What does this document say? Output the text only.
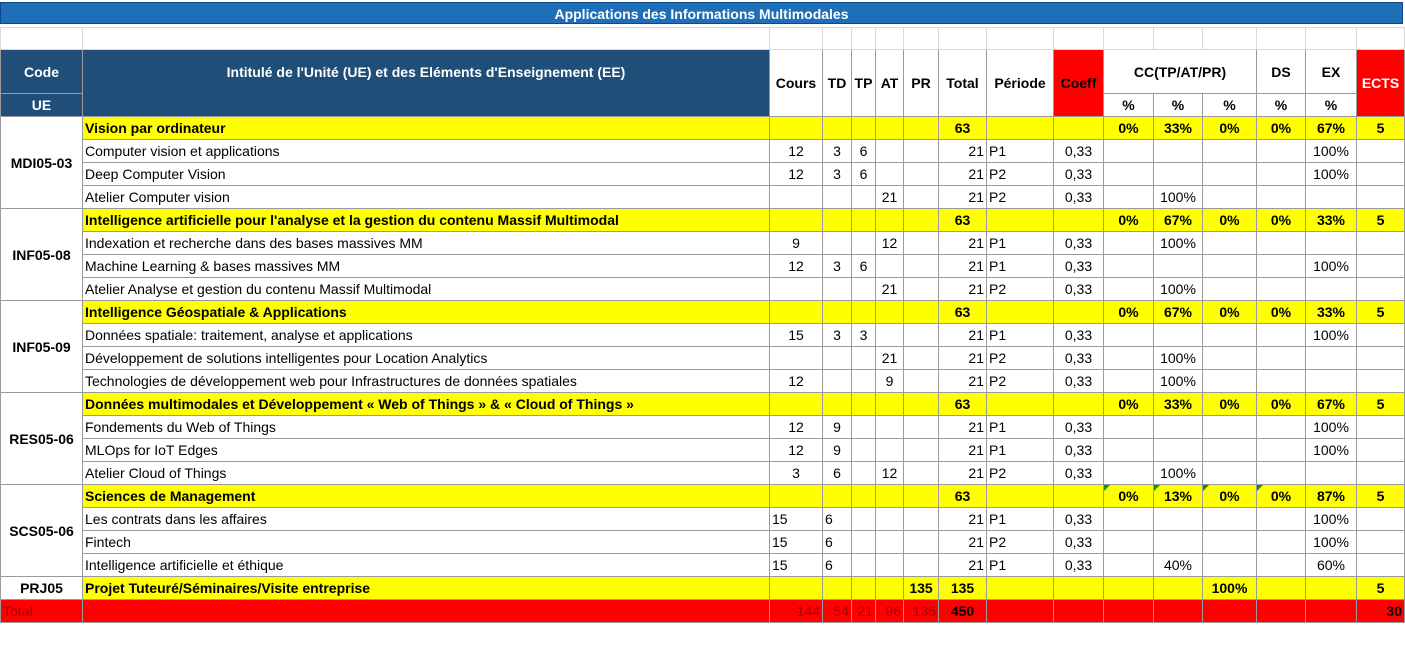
Applications des Informations Multimodales

Code	Intitulé de l'Unité (UE) et des Eléments d'Enseignement (EE)	Cours	TD	TP	AT	PR	Total	Période	Coeff	CC(TP/AT/PR)			DS	EX	ECTS
UE										%	%	%	%	%	
MDI05-03	Vision par ordinateur						63			0%	33%	0%	0%	67%	5
	Computer vision et applications	12	3	6			21	P1	0,33					100%	
	Deep Computer Vision	12	3	6			21	P2	0,33					100%	
	Atelier Computer vision				21		21	P2	0,33		100%				
INF05-08	Intelligence artificielle pour l'analyse et la gestion du contenu Massif Multimodal						63			0%	67%	0%	0%	33%	5
	Indexation et recherche dans des bases massives MM	9			12		21	P1	0,33		100%				
	Machine Learning & bases massives MM	12	3	6			21	P1	0,33					100%	
	Atelier Analyse et gestion du contenu Massif Multimodal				21		21	P2	0,33		100%				
INF05-09	Intelligence Géospatiale & Applications						63			0%	67%	0%	0%	33%	5
	Données spatiale: traitement, analyse et applications	15	3	3			21	P1	0,33					100%	
	Développement de solutions intelligentes pour Location Analytics				21		21	P2	0,33		100%				
	Technologies de développement web pour Infrastructures de données spatiales	12			9		21	P2	0,33		100%				
RES05-06	Données multimodales et Développement « Web of Things » & « Cloud of Things »						63			0%	33%	0%	0%	67%	5
	Fondements du Web of Things	12	9				21	P1	0,33					100%	
	MLOps for IoT Edges	12	9				21	P1	0,33					100%	
	Atelier Cloud of Things	3	6		12		21	P2	0,33		100%				
SCS05-06	Sciences de Management						63			0%	13%	0%	0%	87%	5
	Les contrats dans les affaires	15	6				21	P1	0,33					100%	
	Fintech	15	6				21	P2	0,33					100%	
	Intelligence artificielle et éthique	15	6				21	P1	0,33		40%			60%	
PRJ05	Projet Tuteuré/Séminaires/Visite entreprise					135	135					100%			5
Total		144	54	21	96	135	450								30
